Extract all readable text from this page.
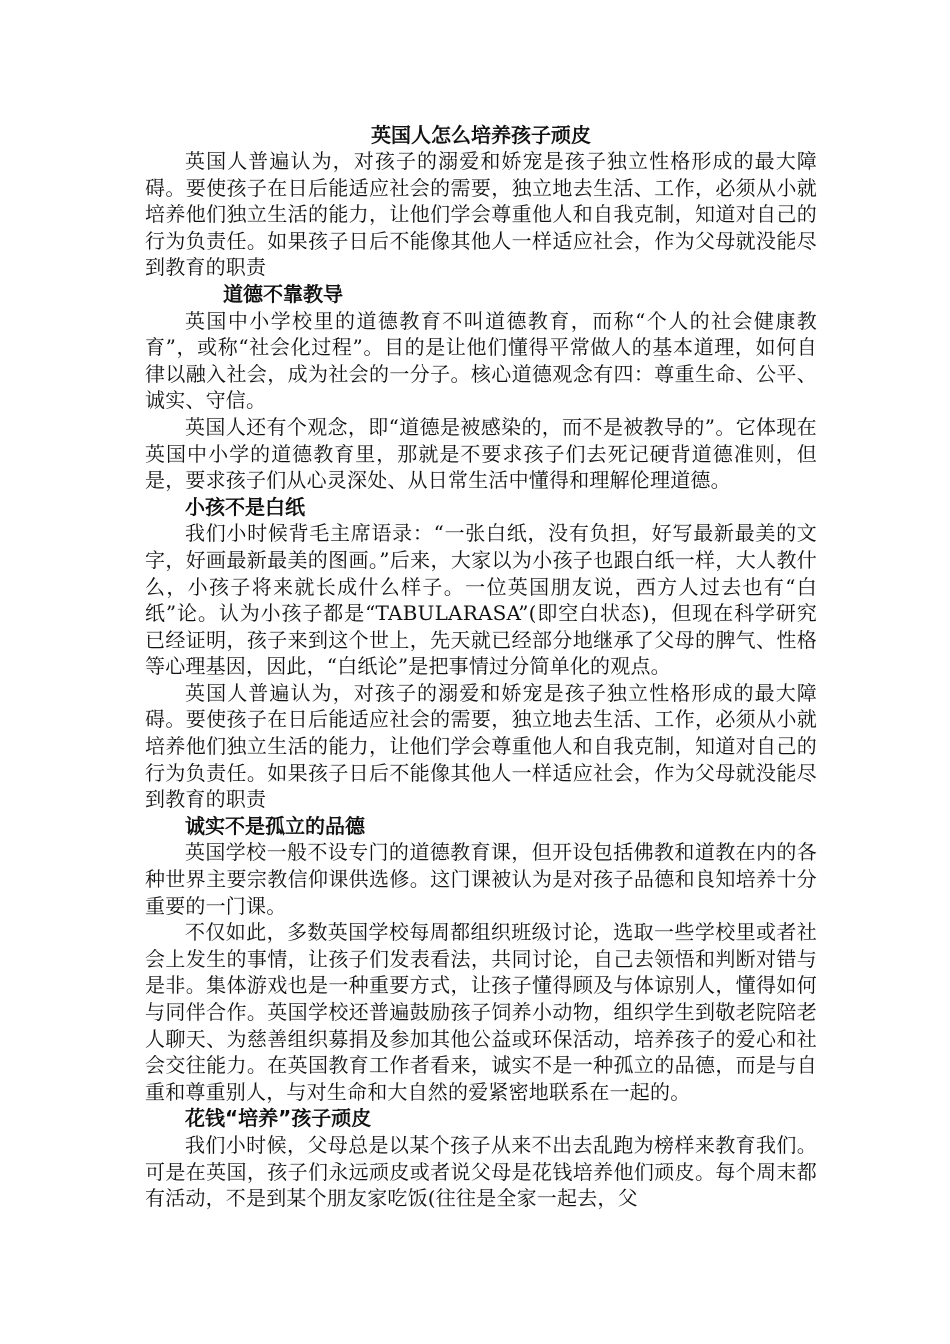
英国人怎么培养孩子顽皮

英国人普遍认为，对孩子的溺爱和娇宠是孩子独立性格形成的最大障碍。要使孩子在日后能适应社会的需要，独立地去生活、工作，必须从小就培养他们独立生活的能力，让他们学会尊重他人和自我克制，知道对自己的行为负责任。如果孩子日后不能像其他人一样适应社会，作为父母就没能尽到教育的职责

道德不靠教导

英国中小学校里的道德教育不叫道德教育，而称“个人的社会健康教育”，或称“社会化过程”。目的是让他们懂得平常做人的基本道理，如何自律以融入社会，成为社会的一分子。核心道德观念有四：尊重生命、公平、诚实、守信。

英国人还有个观念，即“道德是被感染的，而不是被教导的”。它体现在英国中小学的道德教育里，那就是不要求孩子们去死记硬背道德准则，但是，要求孩子们从心灵深处、从日常生活中懂得和理解伦理道德。

小孩不是白纸

我们小时候背毛主席语录：“一张白纸，没有负担，好写最新最美的文字，好画最新最美的图画。”后来，大家以为小孩子也跟白纸一样，大人教什么，小孩子将来就长成什么样子。一位英国朋友说，西方人过去也有“白纸”论。认为小孩子都是“TABULARASA”(即空白状态)，但现在科学研究已经证明，孩子来到这个世上，先天就已经部分地继承了父母的脾气、性格等心理基因，因此，“白纸论”是把事情过分简单化的观点。

英国人普遍认为，对孩子的溺爱和娇宠是孩子独立性格形成的最大障碍。要使孩子在日后能适应社会的需要，独立地去生活、工作，必须从小就培养他们独立生活的能力，让他们学会尊重他人和自我克制，知道对自己的行为负责任。如果孩子日后不能像其他人一样适应社会，作为父母就没能尽到教育的职责

诚实不是孤立的品德

英国学校一般不设专门的道德教育课，但开设包括佛教和道教在内的各种世界主要宗教信仰课供选修。这门课被认为是对孩子品德和良知培养十分重要的一门课。

不仅如此，多数英国学校每周都组织班级讨论，选取一些学校里或者社会上发生的事情，让孩子们发表看法，共同讨论，自己去领悟和判断对错与是非。集体游戏也是一种重要方式，让孩子懂得顾及与体谅别人，懂得如何与同伴合作。英国学校还普遍鼓励孩子饲养小动物，组织学生到敬老院陪老人聊天、为慈善组织募捐及参加其他公益或环保活动，培养孩子的爱心和社会交往能力。在英国教育工作者看来，诚实不是一种孤立的品德，而是与自重和尊重别人，与对生命和大自然的爱紧密地联系在一起的。

花钱“培养”孩子顽皮

我们小时候，父母总是以某个孩子从来不出去乱跑为榜样来教育我们。可是在英国，孩子们永远顽皮或者说父母是花钱培养他们顽皮。每个周末都有活动，不是到某个朋友家吃饭(往往是全家一起去，父
